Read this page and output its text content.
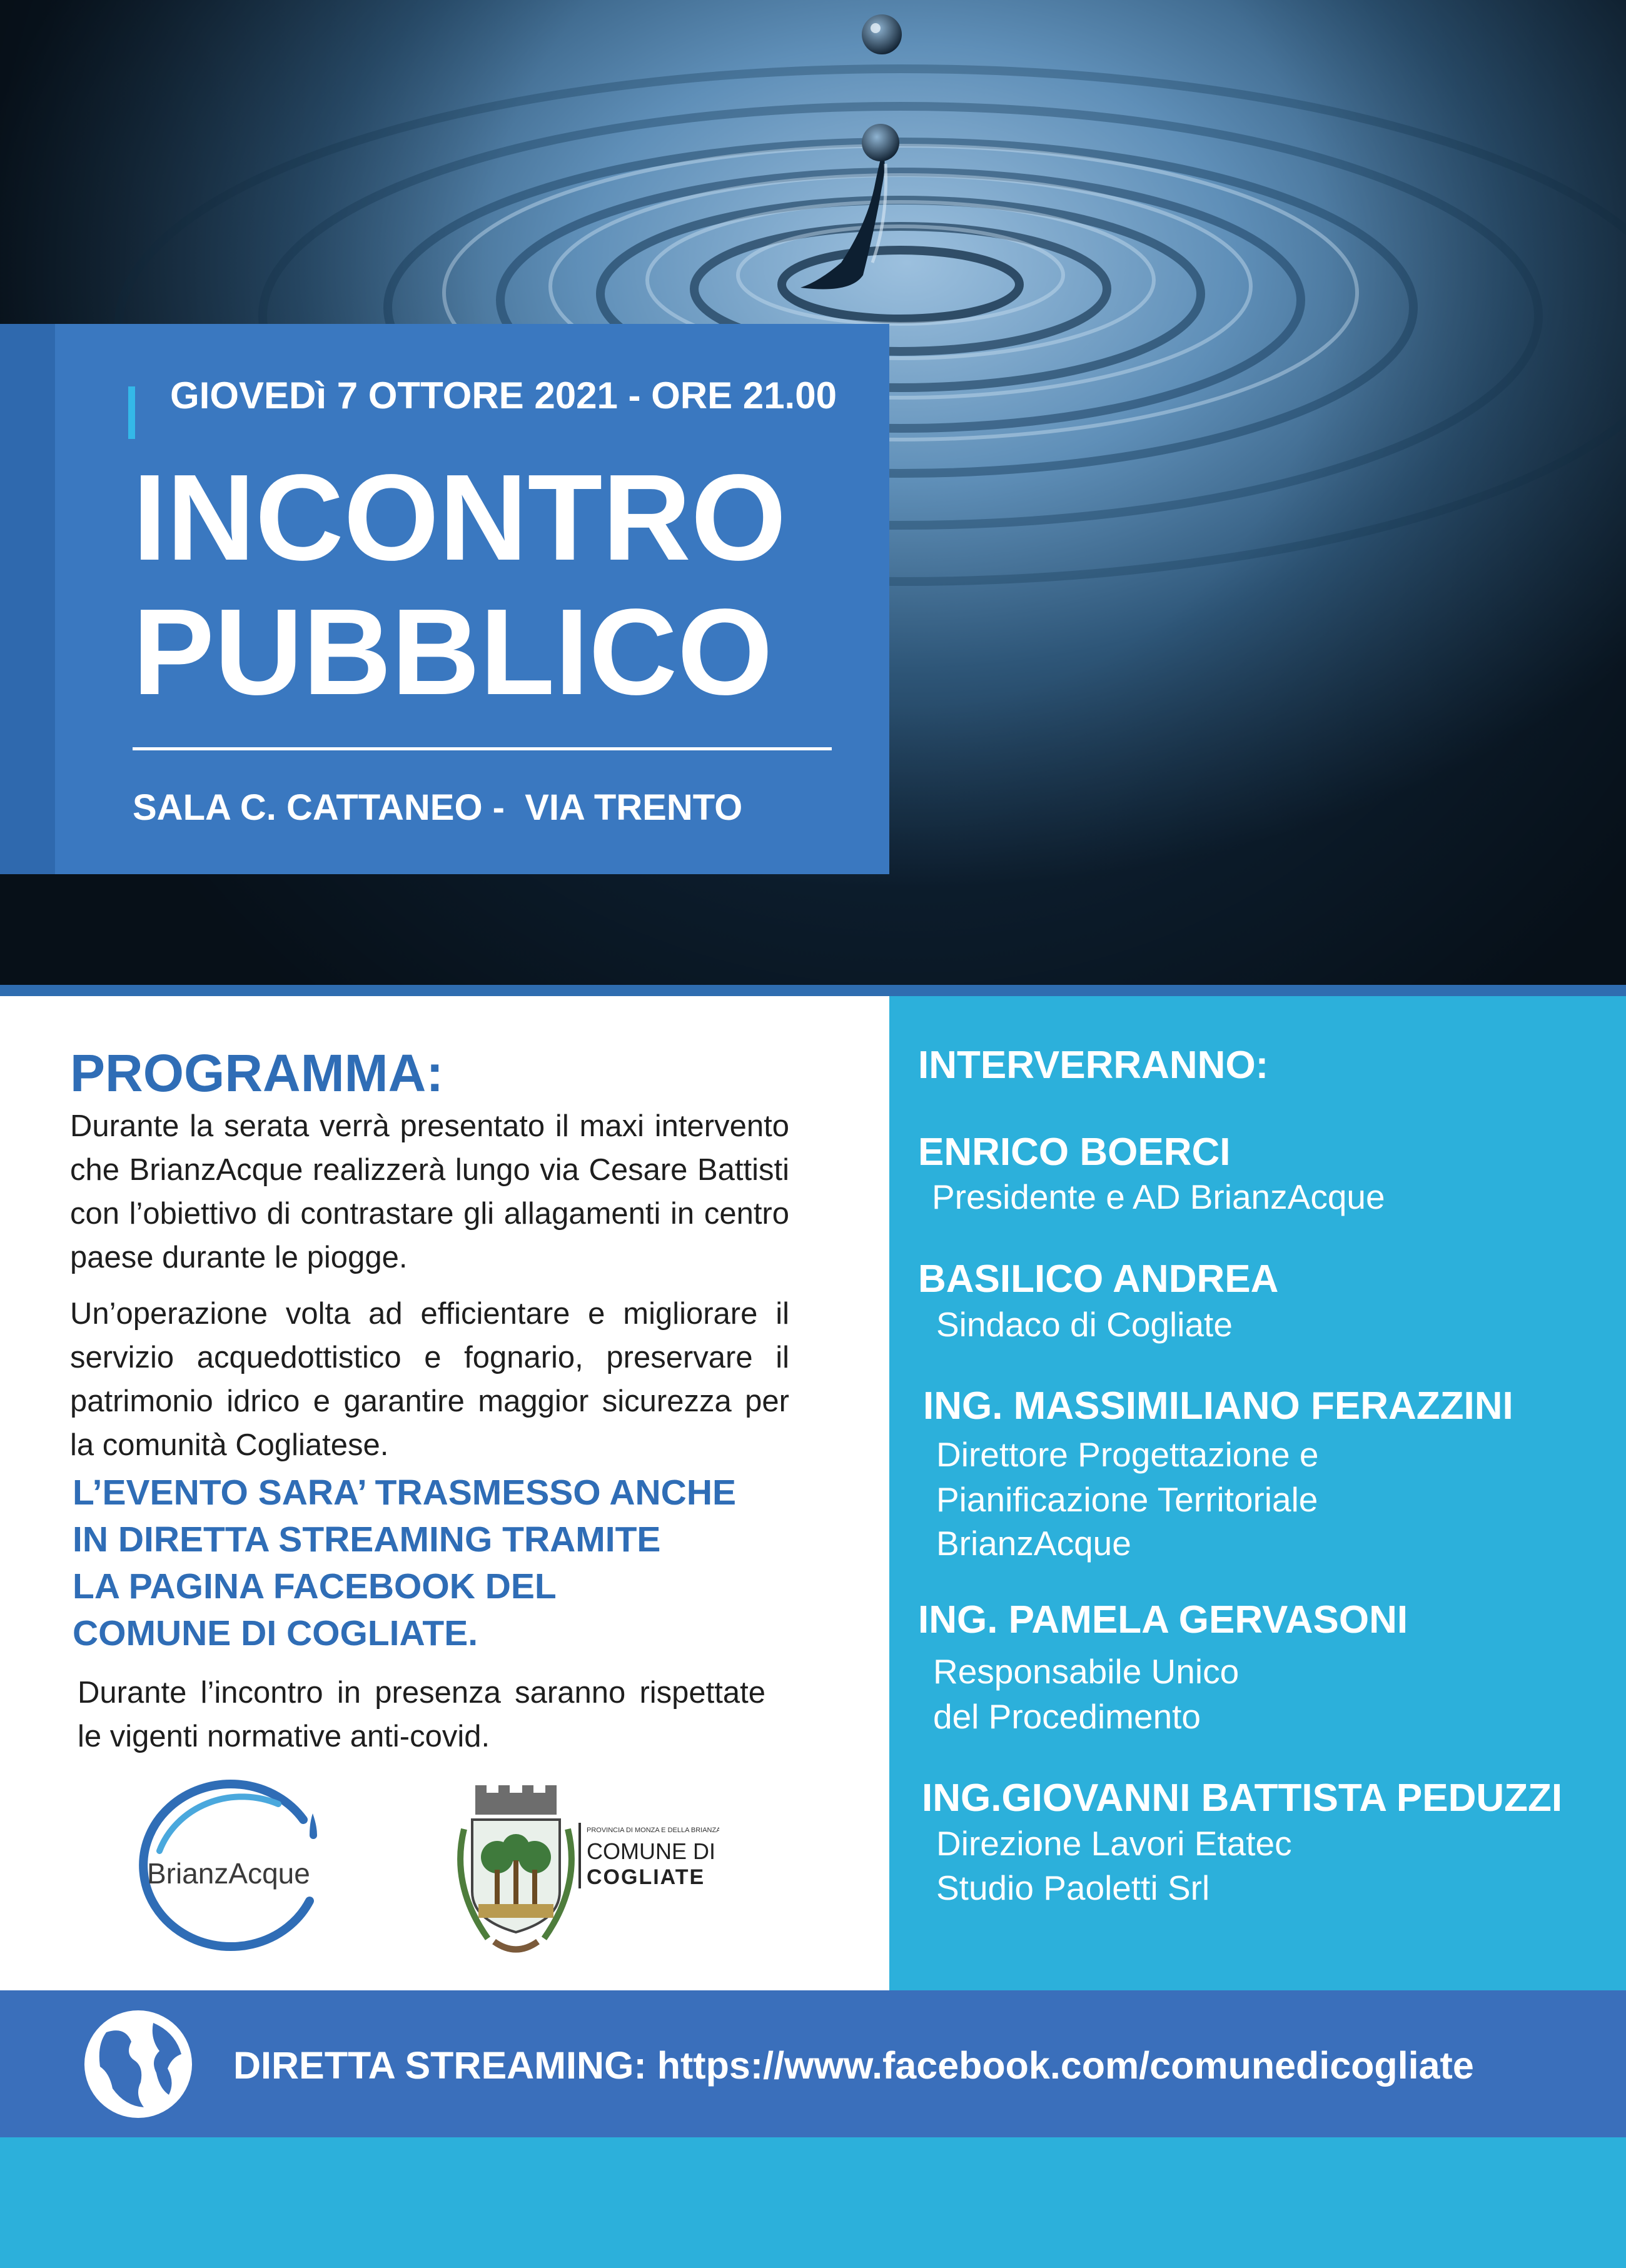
GIOVEDì 7 OTTORE 2021 - ORE 21.00
INCONTRO
PUBBLICO
SALA C. CATTANEO -  VIA TRENTO
PROGRAMMA:
Durante la serata verrà presentato il maxi intervento che BrianzAcque realizzerà lungo via Cesare Battisti con l’obiettivo di contrastare gli allagamenti in centro paese durante le piogge.
Un’operazione volta ad efficientare e migliorare il servizio acquedottistico e fognario, preservare il patrimonio idrico e garantire maggior sicurezza per la comunità Cogliatese.
L’EVENTO SARA’ TRASMESSO ANCHE
IN DIRETTA STREAMING TRAMITE
LA PAGINA FACEBOOK DEL
COMUNE DI COGLIATE.
Durante l’incontro in presenza saranno rispettate le vigenti normative anti-covid.
BrianzAcque
PROVINCIA DI MONZA E DELLA BRIANZA
COMUNE DI
COGLIATE
INTERVERRANNO:
ENRICO BOERCI
Presidente e AD BrianzAcque
BASILICO ANDREA
Sindaco di Cogliate
ING. MASSIMILIANO FERAZZINI
Direttore Progettazione e
Pianificazione Territoriale
BrianzAcque
ING. PAMELA GERVASONI
Responsabile Unico
del Procedimento
ING.GIOVANNI BATTISTA PEDUZZI
Direzione Lavori Etatec
Studio Paoletti Srl
DIRETTA STREAMING: https://www.facebook.com/comunedicogliate
